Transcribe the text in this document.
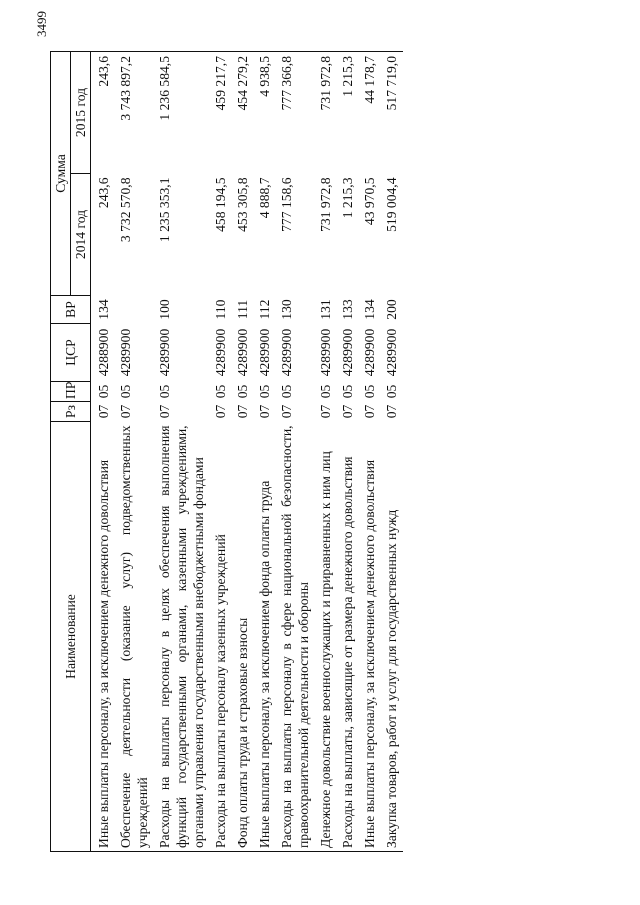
3499
Наименование	Рз	ПР	ЦСР	ВР	Сумма	
					2014 год	2015 год

Иные выплаты персоналу, за исключением денежного довольствия	07	05	4288900	134	243,6	243,6
Обеспечение деятельности (оказание услуг) подведомственных учреждений	07	05	4289900		3 732 570,8	3 743 897,2
Расходы на выплаты персоналу в целях обеспечения выполнения функций государственными органами, казенными учреждениями, органами управления государственными внебюджетными фондами	07	05	4289900	100	1 235 353,1	1 236 584,5
Расходы на выплаты персоналу казенных учреждений	07	05	4289900	110	458 194,5	459 217,7
Фонд оплаты труда и страховые взносы	07	05	4289900	111	453 305,8	454 279,2
Иные выплаты персоналу, за исключением фонда оплаты труда	07	05	4289900	112	4 888,7	4 938,5
Расходы на выплаты персоналу в сфере национальной безопасности, правоохранительной деятельности и обороны	07	05	4289900	130	777 158,6	777 366,8
Денежное довольствие военнослужащих и приравненных к ним лиц	07	05	4289900	131	731 972,8	731 972,8
Расходы на выплаты, зависящие от размера денежного довольствия	07	05	4289900	133	1 215,3	1 215,3
Иные выплаты персоналу, за исключением денежного довольствия	07	05	4289900	134	43 970,5	44 178,7
Закупка товаров, работ и услуг для государственных нужд	07	05	4289900	200	519 004,4	517 719,0
